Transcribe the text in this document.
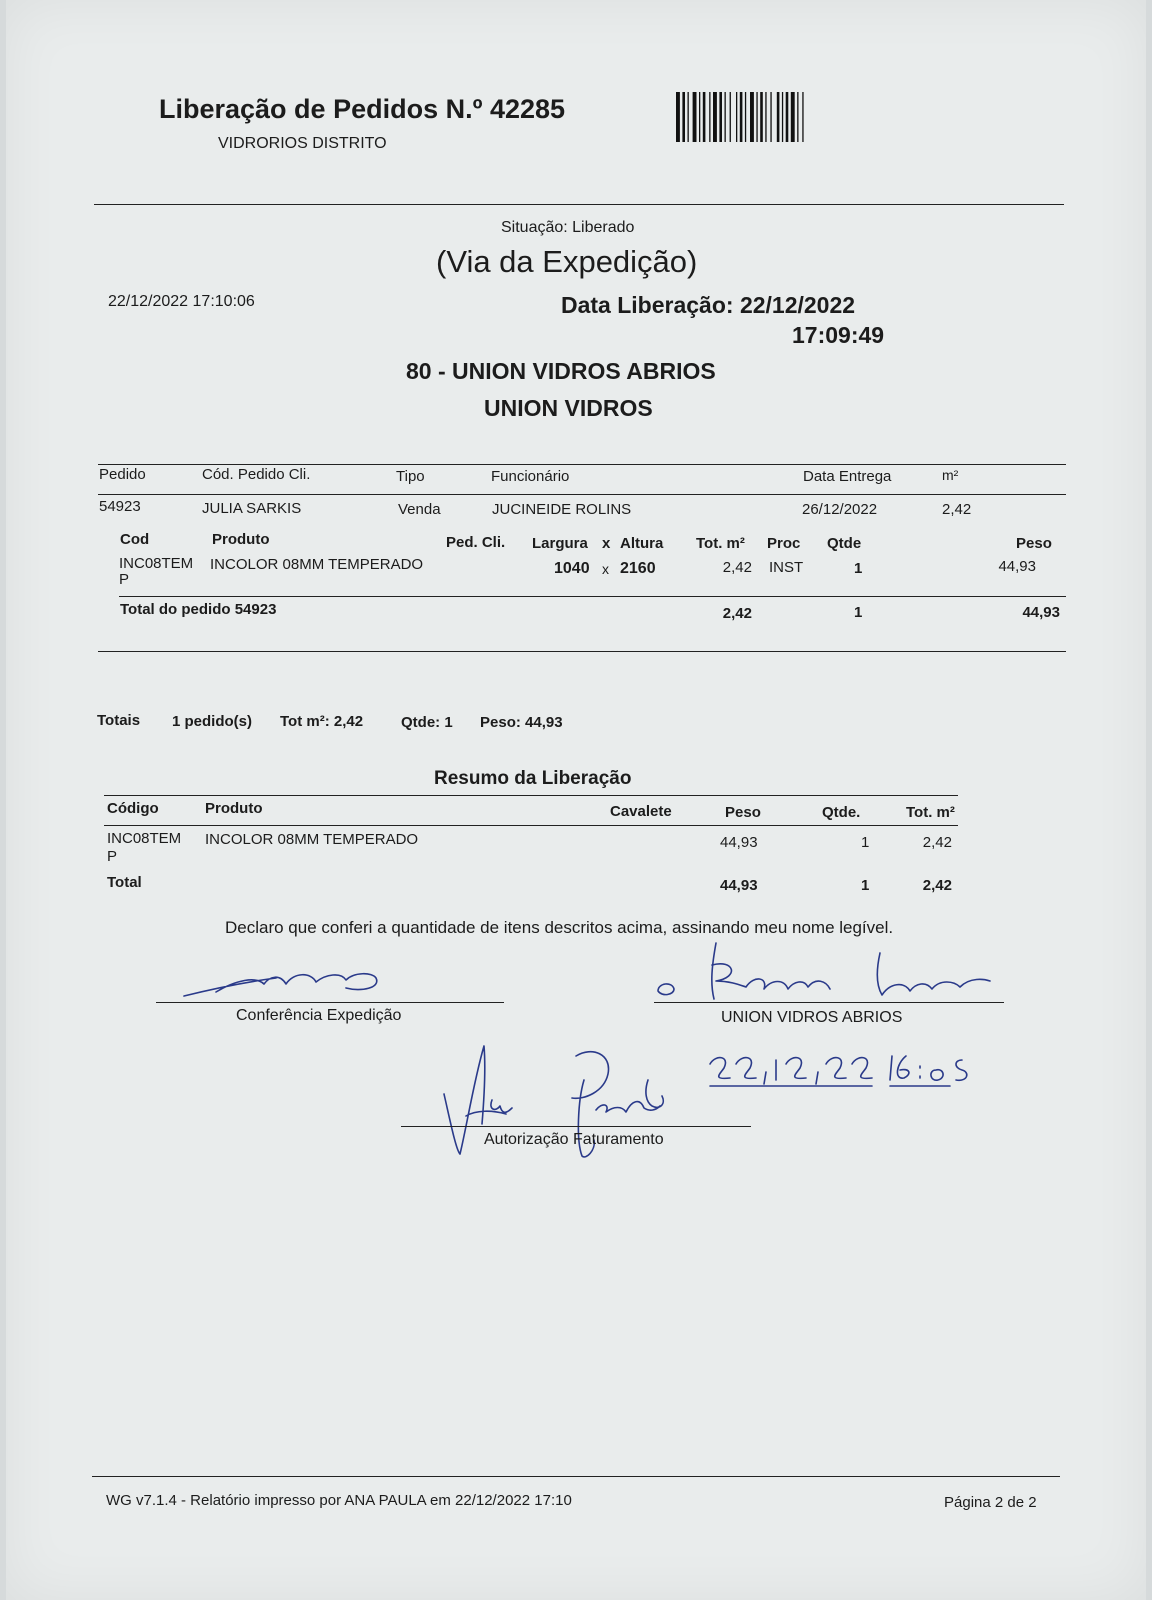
Liberação de Pedidos N.º 42285
VIDRORIOS DISTRITO
Situação: Liberado
(Via da Expedição)
22/12/2022 17:10:06	Data Liberação: 22/12/2022
17:09:49
80 - UNION VIDROS ABRIOS
UNION VIDROS
Pedido	Cód. Pedido Cli.	Tipo	Funcionário	Data Entrega	m²
54923	JULIA SARKIS	Venda	JUCINEIDE ROLINS	26/12/2022	2,42
Cod	Produto	Ped. Cli. Largura x Altura Tot. m² Proc Qtde	Peso
INC08TEM
P
INCOLOR 08MM TEMPERADO	1040 x 2160	2,42 INST	1	44,93
Total do pedido 54923	2,42	1	44,93
Totais 1 pedido(s) Tot m²: 2,42	Qtde: 1 Peso: 44,93
Resumo da Liberação
Código	Produto	Cavalete	Peso	Qtde.	Tot. m²
INC08TEM
P
INCOLOR 08MM TEMPERADO	44,93	1	2,42
Total	44,93	1	2,42
Declaro que conferi a quantidade de itens descritos acima, assinando meu nome legível.
Conferência Expedição	UNION VIDROS ABRIOS
Autorização Faturamento
WG v7.1.4 - Relatório impresso por ANA PAULA em 22/12/2022 17:10	Página 2 de 2
